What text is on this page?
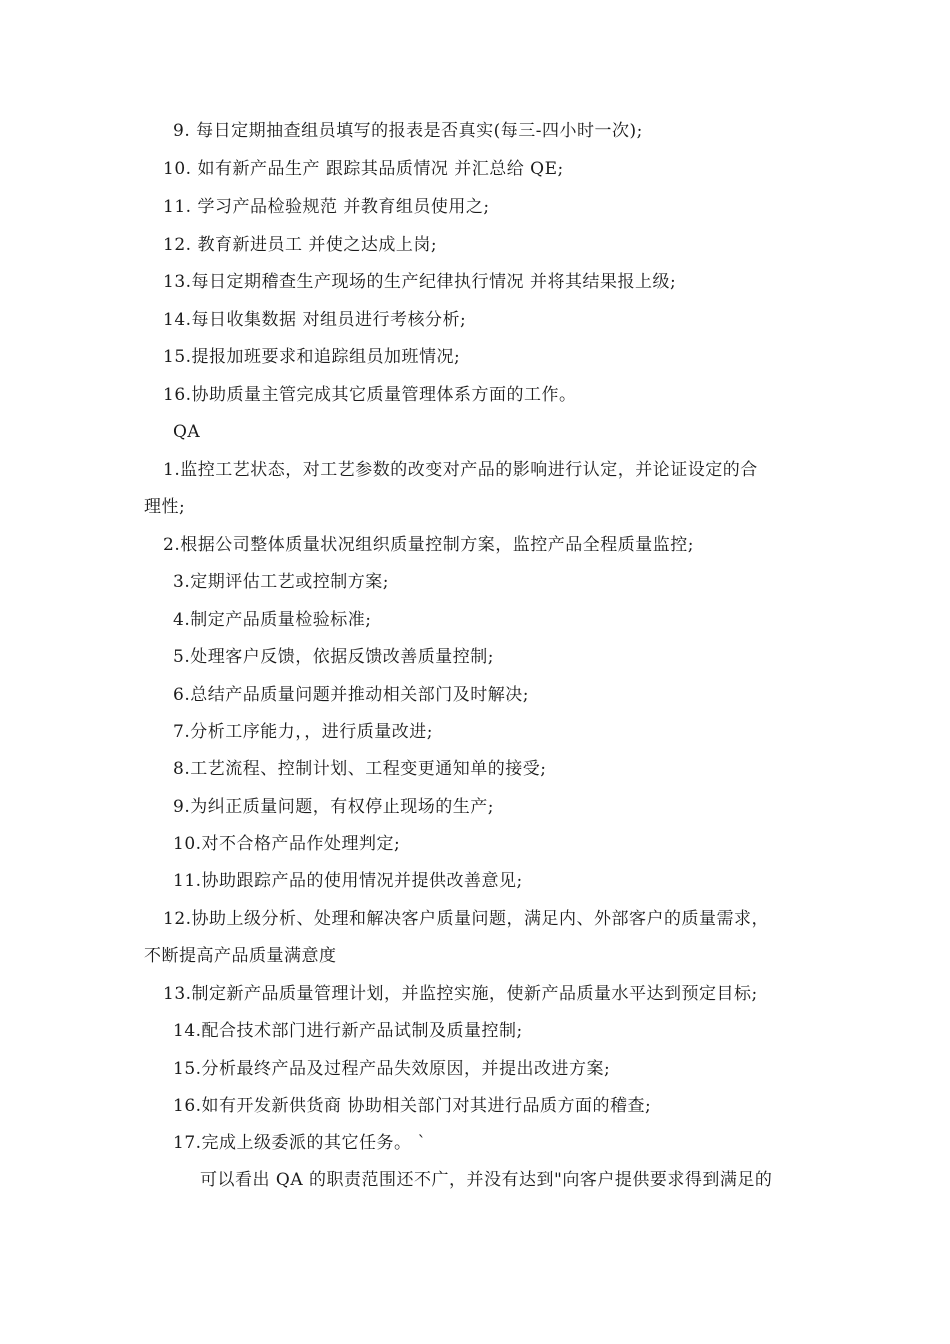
9. 每日定期抽查组员填写的报表是否真实(每三-四小时一次);
10. 如有新产品生产 跟踪其品质情况 并汇总给 QE;
11. 学习产品检验规范 并教育组员使用之;
12. 教育新进员工 并使之达成上岗;
13.每日定期稽查生产现场的生产纪律执行情况 并将其结果报上级;
14.每日收集数据 对组员进行考核分析;
15.提报加班要求和追踪组员加班情况;
16.协助质量主管完成其它质量管理体系方面的工作。
QA
1.监控工艺状态，对工艺参数的改变对产品的影响进行认定，并论证设定的合
理性;
2.根据公司整体质量状况组织质量控制方案，监控产品全程质量监控;
3.定期评估工艺或控制方案;
4.制定产品质量检验标准;
5.处理客户反馈，依据反馈改善质量控制;
6.总结产品质量问题并推动相关部门及时解决;
7.分析工序能力，，进行质量改进;
8.工艺流程、控制计划、工程变更通知单的接受;
9.为纠正质量问题，有权停止现场的生产;
10.对不合格产品作处理判定;
11.协助跟踪产品的使用情况并提供改善意见;
12.协助上级分析、处理和解决客户质量问题，满足内、外部客户的质量需求，
不断提高产品质量满意度
13.制定新产品质量管理计划，并监控实施，使新产品质量水平达到预定目标;
14.配合技术部门进行新产品试制及质量控制;
15.分析最终产品及过程产品失效原因，并提出改进方案;
16.如有开发新供货商 协助相关部门对其进行品质方面的稽查;
17.完成上级委派的其它任务。 `
可以看出 QA 的职责范围还不广，并没有达到"向客户提供要求得到满足的
